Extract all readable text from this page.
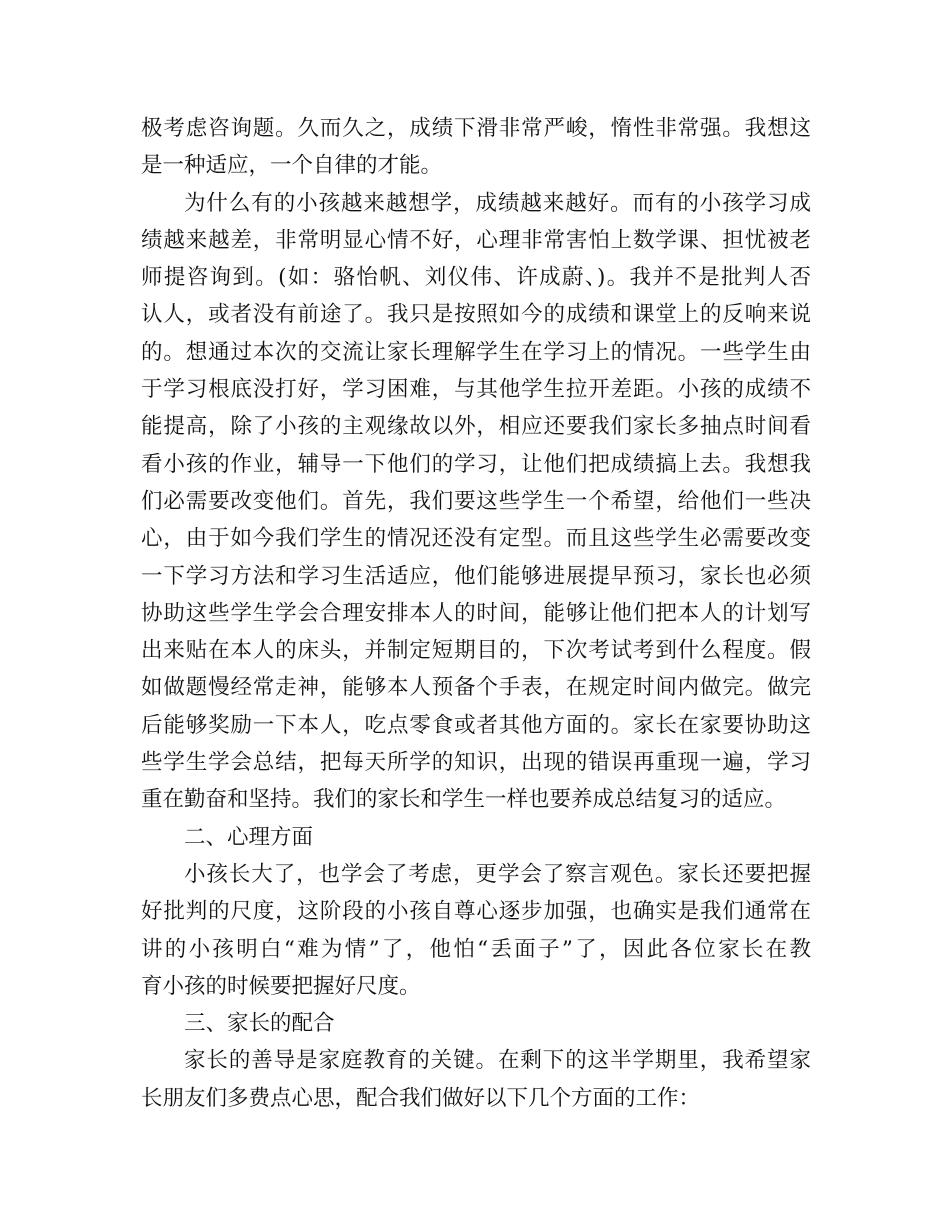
极考虑咨询题。久而久之，成绩下滑非常严峻，惰性非常强。我想这
是一种适应，一个自律的才能。

为什么有的小孩越来越想学，成绩越来越好。而有的小孩学习成
绩越来越差，非常明显心情不好，心理非常害怕上数学课、担忧被老
师提咨询到。(如：骆怡帆、刘仪伟、许成蔚、)。我并不是批判人否
认人，或者没有前途了。我只是按照如今的成绩和课堂上的反响来说
的。想通过本次的交流让家长理解学生在学习上的情况。一些学生由
于学习根底没打好，学习困难，与其他学生拉开差距。小孩的成绩不
能提高，除了小孩的主观缘故以外，相应还要我们家长多抽点时间看
看小孩的作业，辅导一下他们的学习，让他们把成绩搞上去。我想我
们必需要改变他们。首先，我们要这些学生一个希望，给他们一些决
心，由于如今我们学生的情况还没有定型。而且这些学生必需要改变
一下学习方法和学习生活适应，他们能够进展提早预习，家长也必须
协助这些学生学会合理安排本人的时间，能够让他们把本人的计划写
出来贴在本人的床头，并制定短期目的，下次考试考到什么程度。假
如做题慢经常走神，能够本人预备个手表，在规定时间内做完。做完
后能够奖励一下本人，吃点零食或者其他方面的。家长在家要协助这
些学生学会总结，把每天所学的知识，出现的错误再重现一遍，学习
重在勤奋和坚持。我们的家长和学生一样也要养成总结复习的适应。

二、心理方面

小孩长大了，也学会了考虑，更学会了察言观色。家长还要把握
好批判的尺度，这阶段的小孩自尊心逐步加强，也确实是我们通常在
讲的小孩明白“难为情”了，他怕“丢面子”了，因此各位家长在教
育小孩的时候要把握好尺度。

三、家长的配合

家长的善导是家庭教育的关键。在剩下的这半学期里，我希望家
长朋友们多费点心思，配合我们做好以下几个方面的工作：
